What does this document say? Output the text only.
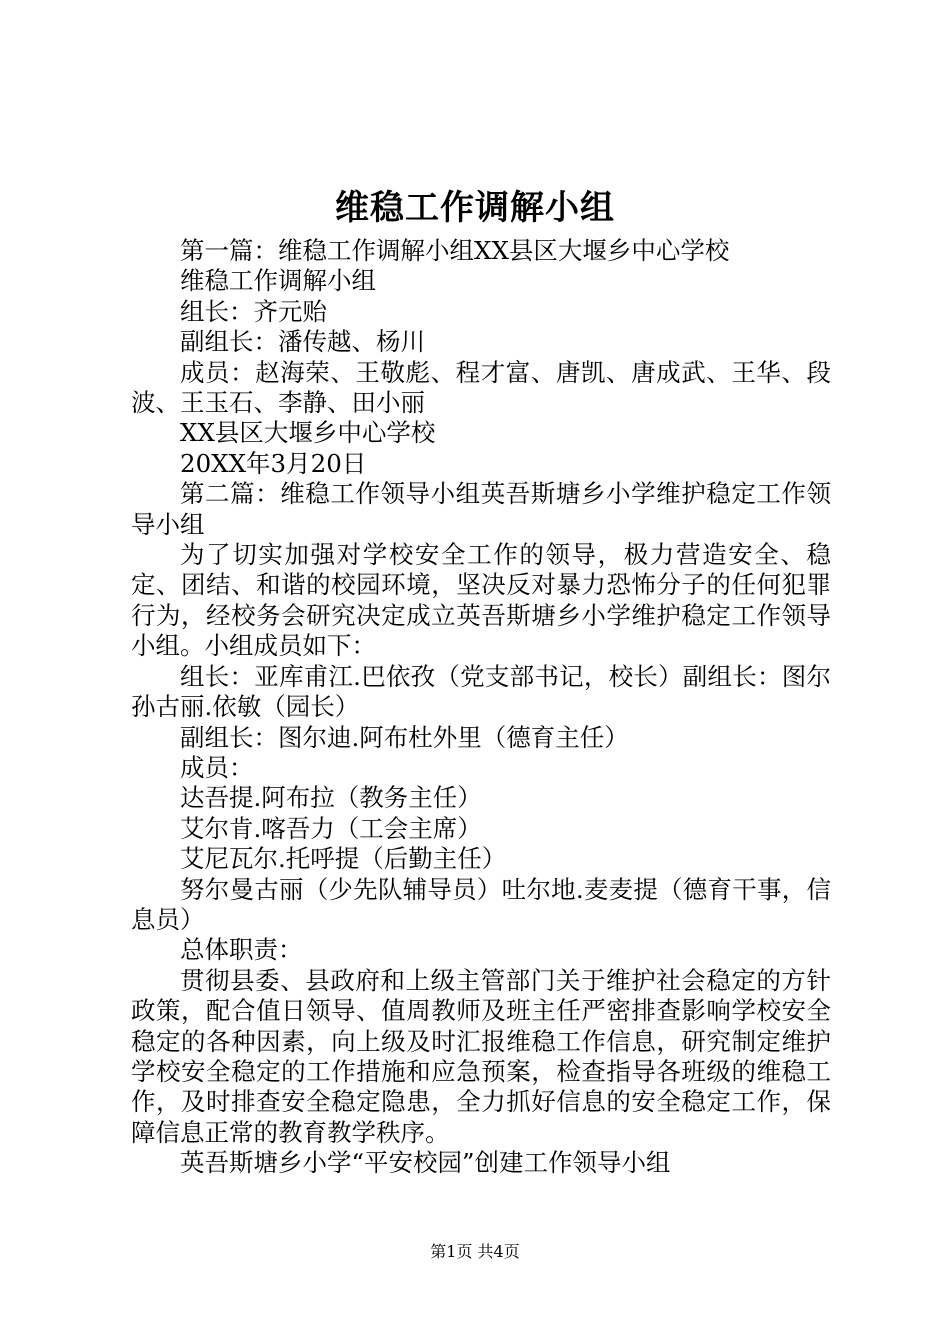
维稳工作调解小组

第一篇：维稳工作调解小组XX县区大堰乡中心学校

维稳工作调解小组

组长：齐元贻

副组长：潘传越、杨川

成员：赵海荣、王敬彪、程才富、唐凯、唐成武、王华、段波、王玉石、李静、田小丽

XX县区大堰乡中心学校

20XX年3月20日

第二篇：维稳工作领导小组英吾斯塘乡小学维护稳定工作领导小组

为了切实加强对学校安全工作的领导，极力营造安全、稳定、团结、和谐的校园环境，坚决反对暴力恐怖分子的任何犯罪行为，经校务会研究决定成立英吾斯塘乡小学维护稳定工作领导小组。小组成员如下：

组长：亚库甫江.巴依孜（党支部书记，校长）副组长：图尔孙古丽.依敏（园长）

副组长：图尔迪.阿布杜外里（德育主任）

成员：

达吾提.阿布拉（教务主任）

艾尔肯.喀吾力（工会主席）

艾尼瓦尔.托呼提（后勤主任）

努尔曼古丽（少先队辅导员）吐尔地.麦麦提（德育干事，信息员）

总体职责：

贯彻县委、县政府和上级主管部门关于维护社会稳定的方针政策，配合值日领导、值周教师及班主任严密排查影响学校安全稳定的各种因素，向上级及时汇报维稳工作信息，研究制定维护学校安全稳定的工作措施和应急预案，检查指导各班级的维稳工作，及时排查安全稳定隐患，全力抓好信息的安全稳定工作，保障信息正常的教育教学秩序。

英吾斯塘乡小学“平安校园”创建工作领导小组

第1页 共4页
